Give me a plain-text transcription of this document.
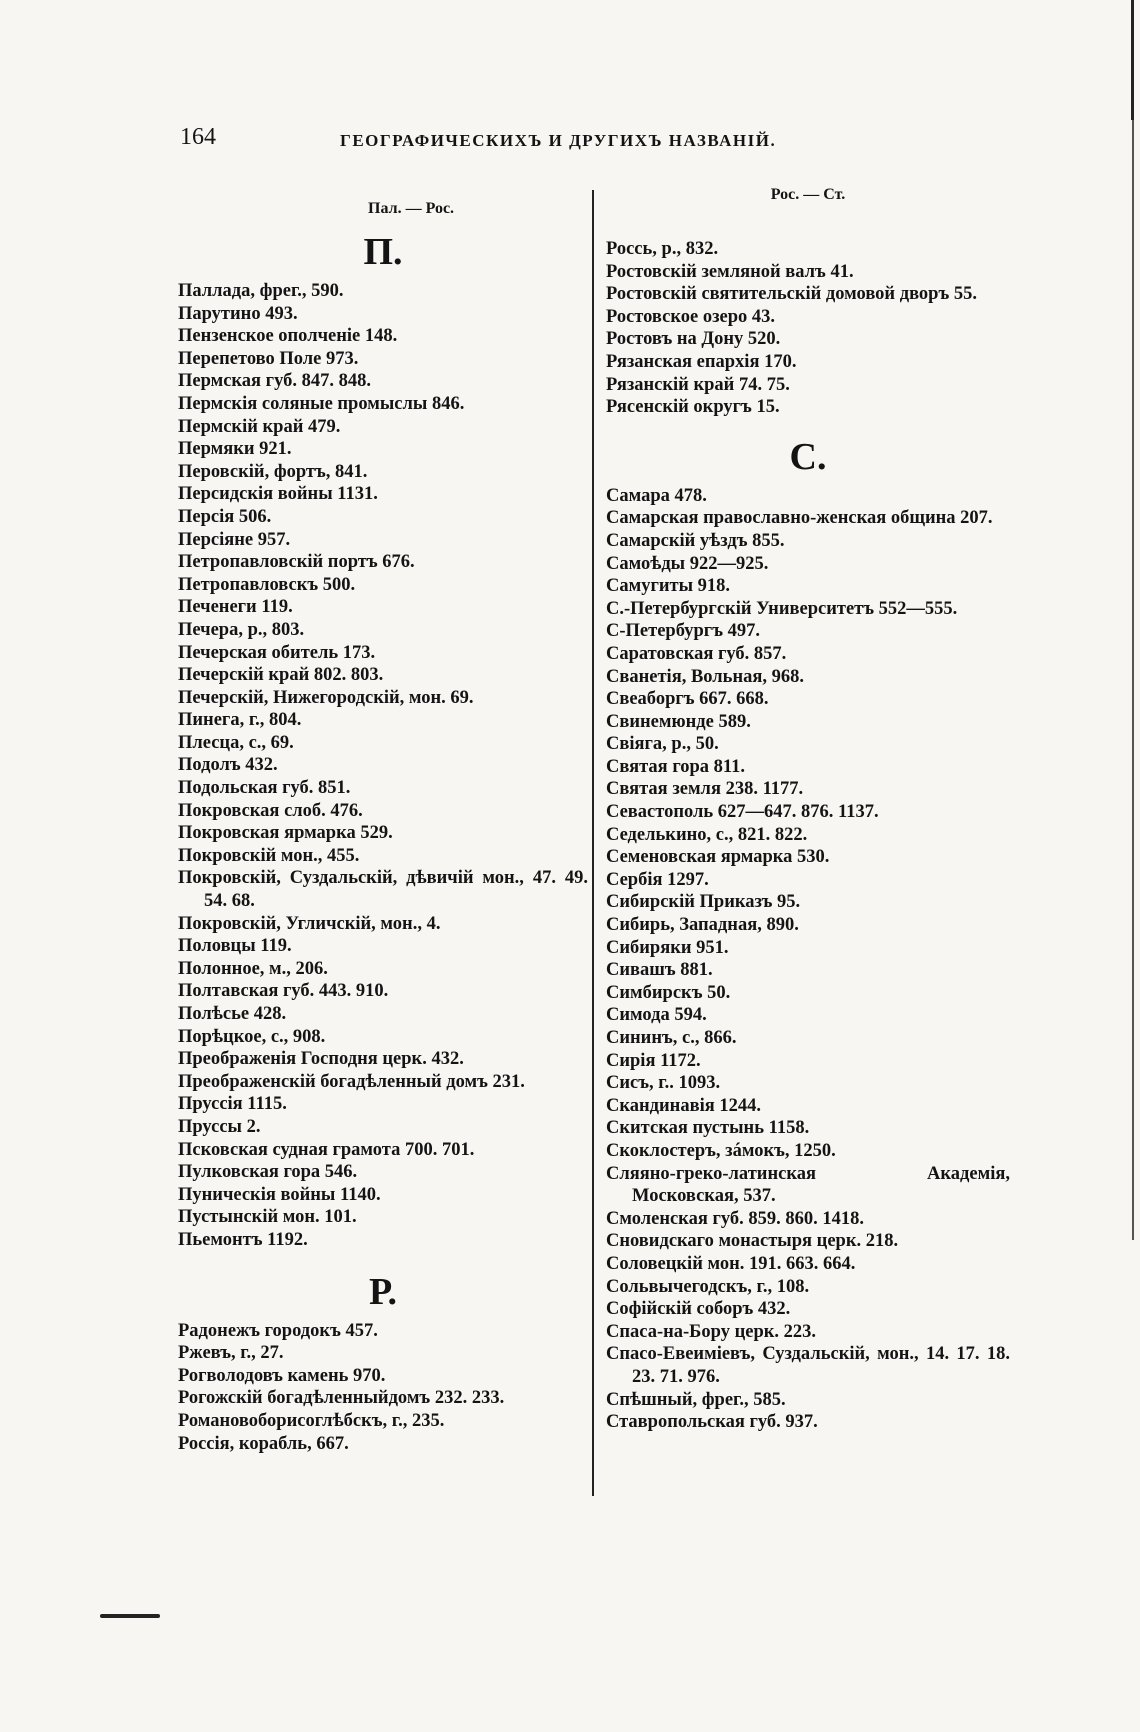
164	ГЕОГРАФИЧЕСКИХЪ И ДРУГИХЪ НАЗВАНІЙ.
Пал. — Рос.
П.
Паллада, фрег., 590.
Парутино 493.
Пензенское ополченіе 148.
Перепетово Поле 973.
Пермская губ. 847. 848.
Пермскія соляные промыслы 846.
Пермскій край 479.
Пермяки 921.
Перовскій, фортъ, 841.
Персидскія войны 1131.
Персія 506.
Персіяне 957.
Петропавловскій портъ 676.
Петропавловскъ 500.
Печенеги 119.
Печера, р., 803.
Печерская обитель 173.
Печерскій край 802. 803.
Печерскій, Нижегородскій, мон. 69.
Пинега, г., 804.
Плесца, с., 69.
Подолъ 432.
Подольская губ. 851.
Покровская слоб. 476.
Покровская ярмарка 529.
Покровскій мон., 455.
Покровскій, Суздальскій, дѣвичій мон., 47. 49. 54. 68.
Покровскій, Угличскій, мон., 4.
Половцы 119.
Полонное, м., 206.
Полтавская губ. 443. 910.
Полѣсье 428.
Порѣцкое, с., 908.
Преображенія Господня церк. 432.
Преображенскій богадѣленный домъ 231.
Пруссія 1115.
Пруссы 2.
Псковская судная грамота 700. 701.
Пулковская гора 546.
Пуническія войны 1140.
Пустынскій мон. 101.
Пьемонтъ 1192.
Р.
Радонежъ городокъ 457.
Ржевъ, г., 27.
Рогволодовъ камень 970.
Рогожскій богадѣленныйдомъ 232. 233.
Романовоборисоглѣбскъ, г., 235.
Россія, корабль, 667.
Рос. — Ст.
Россь, р., 832.
Ростовскій земляной валъ 41.
Ростовскій святительскій домовой дворъ 55.
Ростовское озеро 43.
Ростовъ на Дону 520.
Рязанская епархія 170.
Рязанскій край 74. 75.
Рясенскій округъ 15.
С.
Самара 478.
Самарская православно-женская община 207.
Самарскій уѣздъ 855.
Самоѣды 922—925.
Самугиты 918.
С.-Петербургскій Университетъ 552—555.
С-Петербургъ 497.
Саратовская губ. 857.
Сванетія, Вольная, 968.
Свеаборгъ 667. 668.
Свинемюнде 589.
Свіяга, р., 50.
Святая гора 811.
Святая земля 238. 1177.
Севастополь 627—647. 876. 1137.
Седелькино, с., 821. 822.
Семеновская ярмарка 530.
Сербія 1297.
Сибирскій Приказъ 95.
Сибирь, Западная, 890.
Сибиряки 951.
Сивашъ 881.
Симбирскъ 50.
Симода 594.
Сининъ, с., 866.
Сирія 1172.
Сисъ, г.. 1093.
Скандинавія 1244.
Скитская пустынь 1158.
Скоклостеръ, зáмокъ, 1250.
Сляяно-греко-латинская Академія, Московская, 537.
Смоленская губ. 859. 860. 1418.
Сновидскаго монастыря церк. 218.
Соловецкій мон. 191. 663. 664.
Сольвычегодскъ, г., 108.
Софійскій соборъ 432.
Спаса-на-Бору церк. 223.
Спасо-Евеиміевъ, Суздальскій, мон., 14. 17. 18. 23. 71. 976.
Спѣшный, фрег., 585.
Ставропольская губ. 937.
